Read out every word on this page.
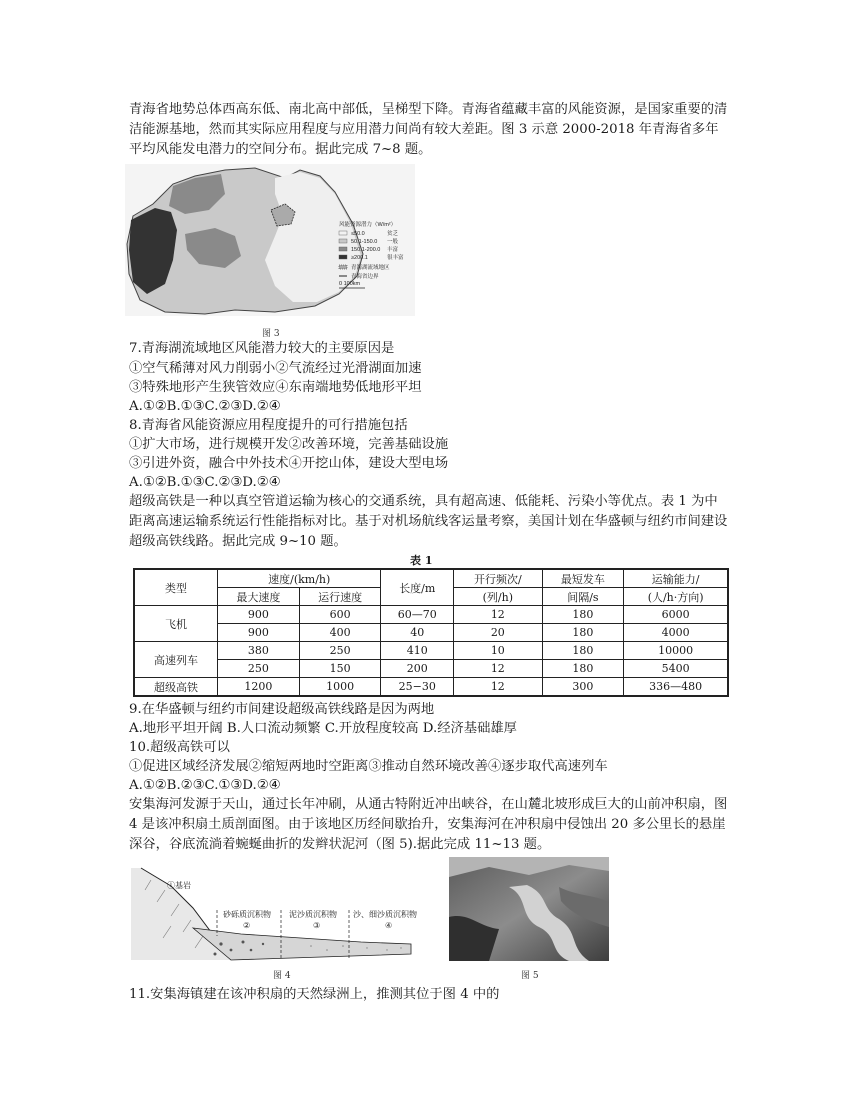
青海省地势总体西高东低、南北高中部低，呈梯型下降。青海省蕴藏丰富的风能资源，是国家重要的清洁能源基地，然而其实际应用程度与应用潜力间尚有较大差距。图 3 示意 2000-2018 年青海省多年平均风能发电潜力的空间分布。据此完成 7~8 题。

风能资源潜力（W/m²）
≤50.0	贫乏
50.1-150.0 一般
150.1-200.0 丰富
≥200.1	很丰富
青海湖流域地区
青海省边界
0 100km
图 3

7.青海湖流域地区风能潜力较大的主要原因是

①空气稀薄对风力削弱小②气流经过光滑湖面加速

③特殊地形产生狭管效应④东南端地势低地形平坦

A.①②B.①③C.②③D.②④

8.青海省风能资源应用程度提升的可行措施包括

①扩大市场，进行规模开发②改善环境，完善基础设施

③引进外资，融合中外技术④开挖山体，建设大型电场

A.①②B.①③C.②③D.②④

超级高铁是一种以真空管道运输为核心的交通系统，具有超高速、低能耗、污染小等优点。表 1 为中距离高速运输系统运行性能指标对比。基于对机场航线客运量考察，美国计划在华盛顿与纽约市间建设超级高铁线路。据此完成 9~10 题。

表 1
类型	速度/(km/h)		长度/m	开行频次/	最短发车	运输能力/
	最大速度	运行速度		(列/h)	间隔/s	(人/h·方向)
飞机	900	600	60—70	12	180	6000
	900	400	40	20	180	4000
高速列车	380	250	410	10	180	10000
	250	150	200	12	180	5400
超级高铁	1200	1000	25−30	12	300	336—480

9.在华盛顿与纽约市间建设超级高铁线路是因为两地

A.地形平坦开阔 B.人口流动频繁 C.开放程度较高 D.经济基础雄厚

10.超级高铁可以

①促进区域经济发展②缩短两地时空距离③推动自然环境改善④逐步取代高速列车

A.①②B.②③C.①③D.②④

安集海河发源于天山，通过长年冲刷，从通古特附近冲出峡谷，在山麓北坡形成巨大的山前冲积扇，图 4 是该冲积扇土质剖面图。由于该地区历经间歇抬升，安集海河在冲积扇中侵蚀出 20 多公里长的悬崖深谷，谷底流淌着蜿蜒曲折的发辫状泥河（图 5).据此完成 11~13 题。

①基岩
砂砾质沉积物
②
泥沙质沉积物
③
沙、细沙质沉积物
④
图 4	图 5

11.安集海镇建在该冲积扇的天然绿洲上，推测其位于图 4 中的
